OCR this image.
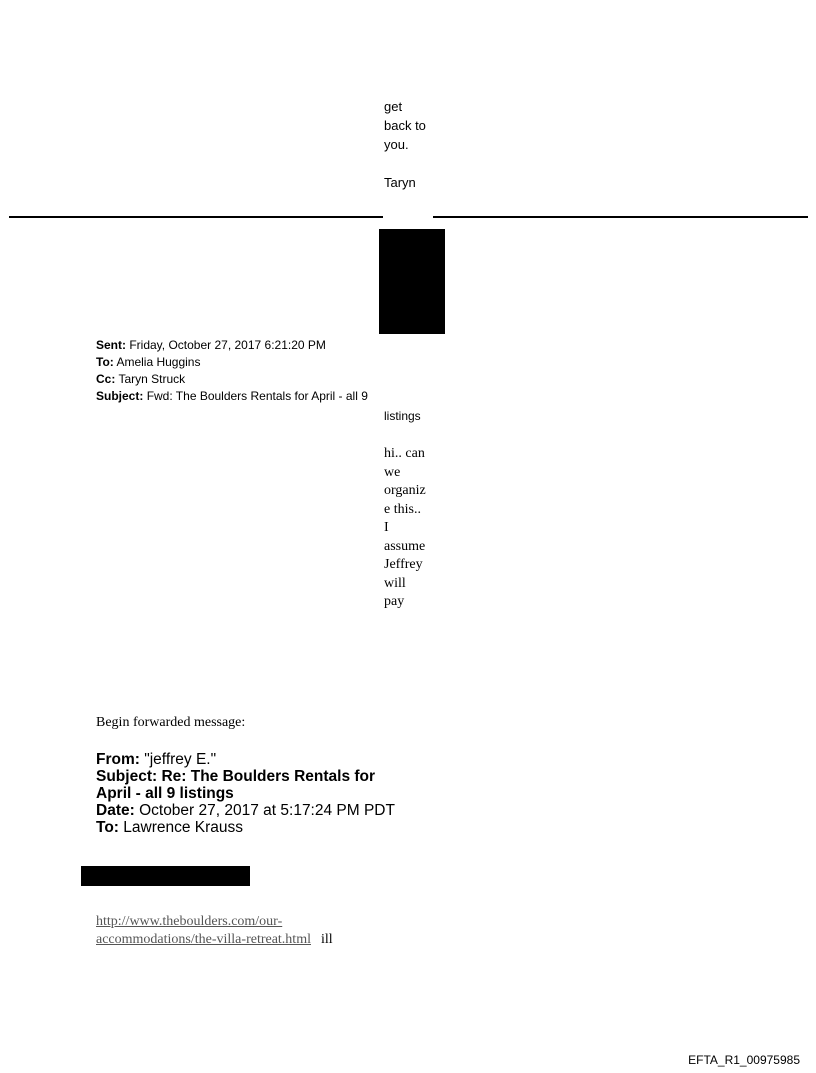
get
back to
you.
Taryn
Sent: Friday, October 27, 2017 6:21:20 PM
To: Amelia Huggins
Cc: Taryn Struck
Subject: Fwd: The Boulders Rentals for April - all 9
listings
hi.. can
we
organiz
e this..
I
assume
Jeffrey
will
pay
Begin forwarded message:
From: "jeffrey E."
Subject: Re: The Boulders Rentals for April - all 9 listings
Date: October 27, 2017 at 5:17:24 PM PDT
To: Lawrence Krauss
http://www.theboulders.com/our-
accommodations/the-villa-retreat.html ill
EFTA_R1_00975985
